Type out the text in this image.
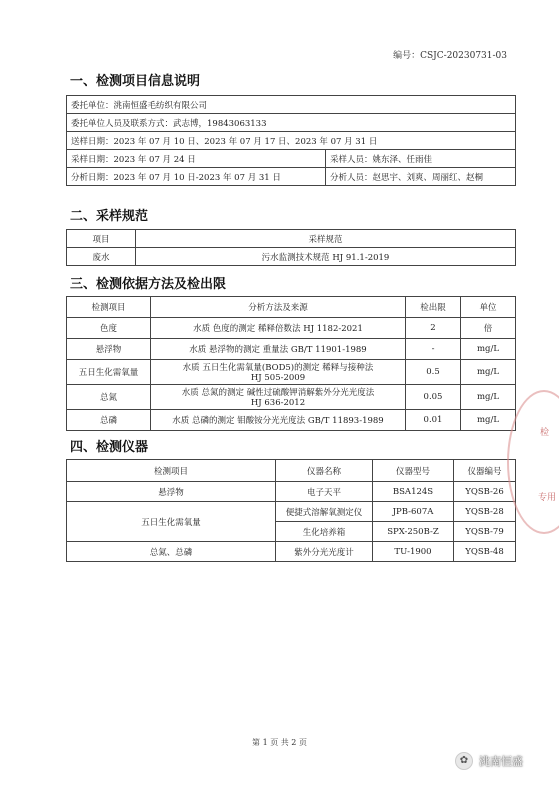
编号：CSJC-20230731-03
一、检测项目信息说明
委托单位：洮南恒盛毛纺织有限公司	
委托单位人员及联系方式：武志博，19843063133	
送样日期：2023 年 07 月 10 日、2023 年 07 月 17 日、2023 年 07 月 31 日	
采样日期：2023 年 07 月 24 日	采样人员：姚东泽、任雨佳
分析日期：2023 年 07 月 10 日-2023 年 07 月 31 日	分析人员：赵思宇、刘爽、周丽红、赵桐
二、采样规范
项目	采样规范
废水	污水监测技术规范 HJ 91.1-2019
三、检测依据方法及检出限
检测项目	分析方法及来源	检出限	单位
色度	水质 色度的测定 稀释倍数法 HJ 1182-2021	2	倍
悬浮物	水质 悬浮物的测定 重量法 GB/T 11901-1989	-	mg/L
五日生化需氧量	水质 五日生化需氧量(BOD5)的测定 稀释与接种法
HJ 505-2009	0.5	mg/L
总氮	水质 总氮的测定 碱性过硫酸钾消解紫外分光光度法
HJ 636-2012	0.05	mg/L
总磷	水质 总磷的测定 钼酸铵分光光度法 GB/T 11893-1989	0.01	mg/L
四、检测仪器
检测项目	仪器名称	仪器型号	仪器编号
悬浮物	电子天平	BSA124S	YQSB-26
五日生化需氧量	便捷式溶解氧测定仪	JPB-607A	YQSB-28
	生化培养箱	SPX-250B-Z	YQSB-79
总氮、总磷	紫外分光光度计	TU-1900	YQSB-48
检
专用
第 1 页 共 2 页
✿ 洮南恒盛
